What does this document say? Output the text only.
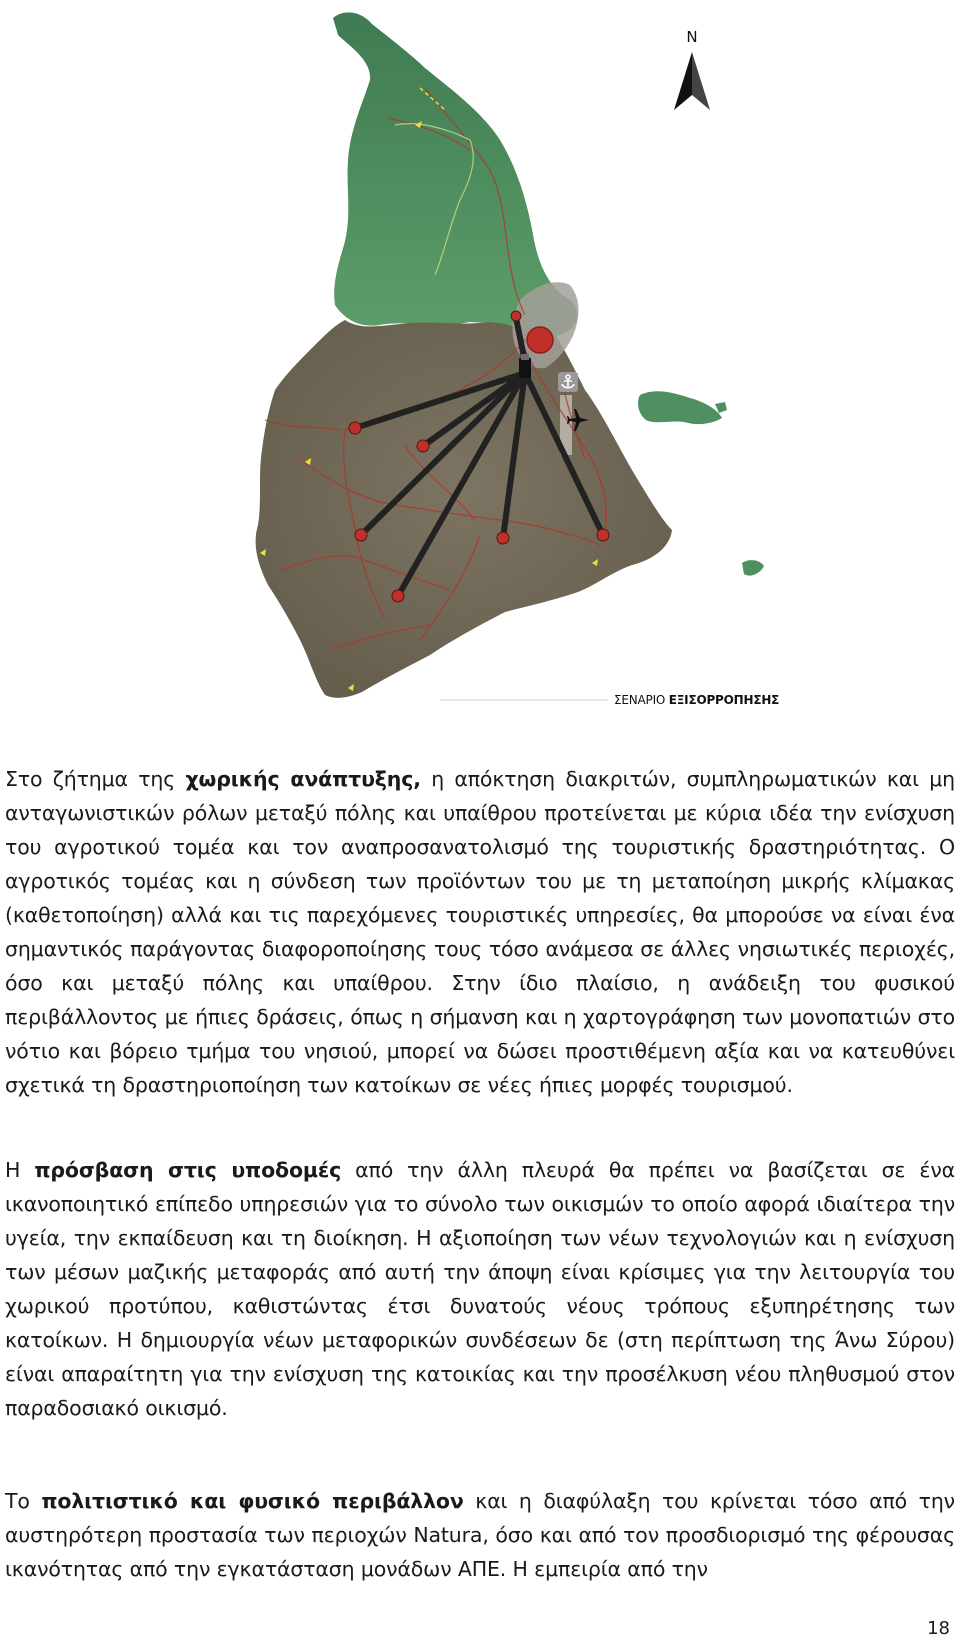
N
ΣΕΝΑΡΙΟ ΕΞΙΣΟΡΡΟΠΗΣΗΣ

Στο ζήτημα της χωρικής ανάπτυξης, η απόκτηση διακριτών, συμπληρωματικών και μη ανταγωνιστικών ρόλων μεταξύ πόλης και υπαίθρου προτείνεται με κύρια ιδέα την ενίσχυση του αγροτικού τομέα και τον αναπροσανατολισμό της τουριστικής δραστηριότητας. Ο αγροτικός τομέας και η σύνδεση των προϊόντων του με τη μεταποίηση μικρής κλίμακας (καθετοποίηση) αλλά και τις παρεχόμενες τουριστικές υπηρεσίες, θα μπορούσε να είναι ένα σημαντικός παράγοντας διαφοροποίησης τους τόσο ανάμεσα σε άλλες νησιωτικές περιοχές, όσο και μεταξύ πόλης και υπαίθρου. Στην ίδιο πλαίσιο, η ανάδειξη του φυσικού περιβάλλοντος με ήπιες δράσεις, όπως η σήμανση και η χαρτογράφηση των μονοπατιών στο νότιο και βόρειο τμήμα του νησιού, μπορεί να δώσει προστιθέμενη αξία και να κατευθύνει σχετικά τη δραστηριοποίηση των κατοίκων σε νέες ήπιες μορφές τουρισμού.

Η πρόσβαση στις υποδομές από την άλλη πλευρά θα πρέπει να βασίζεται σε ένα ικανοποιητικό επίπεδο υπηρεσιών για το σύνολο των οικισμών το οποίο αφορά ιδιαίτερα την υγεία, την εκπαίδευση και τη διοίκηση. Η αξιοποίηση των νέων τεχνολογιών και η ενίσχυση των μέσων μαζικής μεταφοράς από αυτή την άποψη είναι κρίσιμες για την λειτουργία του χωρικού προτύπου, καθιστώντας έτσι δυνατούς νέους τρόπους εξυπηρέτησης των κατοίκων. Η δημιουργία νέων μεταφορικών συνδέσεων δε (στη περίπτωση της Άνω Σύρου) είναι απαραίτητη για την ενίσχυση της κατοικίας και την προσέλκυση νέου πληθυσμού στον παραδοσιακό οικισμό.

Το πολιτιστικό και φυσικό περιβάλλον και η διαφύλαξη του κρίνεται τόσο από την αυστηρότερη προστασία των περιοχών Natura, όσο και από τον προσδιορισμό της φέρουσας ικανότητας από την εγκατάσταση μονάδων ΑΠΕ. Η εμπειρία από την

18
